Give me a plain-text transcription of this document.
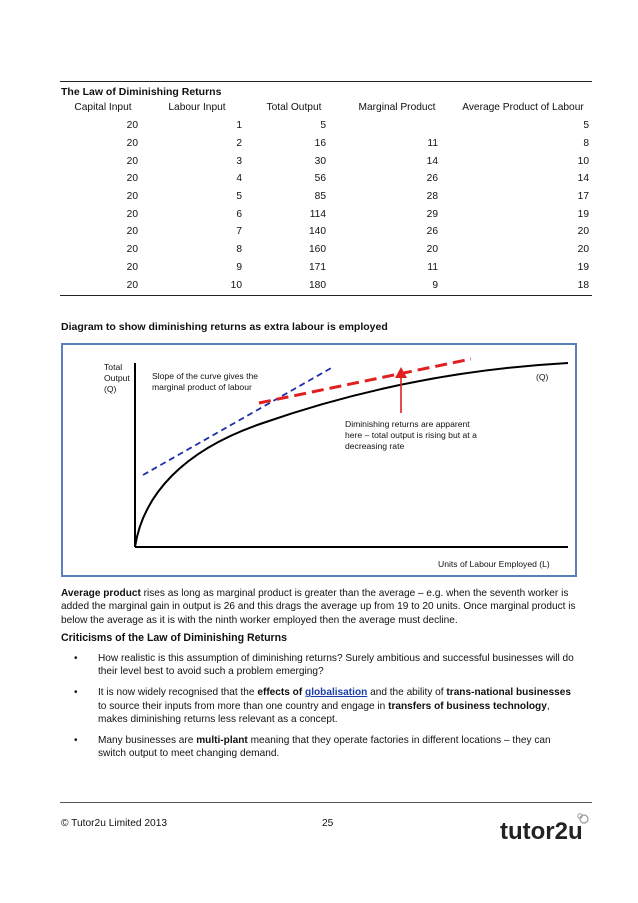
The Law of Diminishing Returns
Capital Input	Labour Input	Total Output	Marginal Product	Average Product of Labour
20	1	5		5
20	2	16	11	8
20	3	30	14	10
20	4	56	26	14
20	5	85	28	17
20	6	114	29	19
20	7	140	26	20
20	8	160	20	20
20	9	171	11	19
20	10	180	9	18
Diagram to show diminishing returns as extra labour is employed
Total
Output
(Q)
Slope of the curve gives the
marginal product of labour
(Q)
Diminishing returns are apparent
here – total output is rising but at a
decreasing rate
Units of Labour Employed (L)
Average product rises as long as marginal product is greater than the average – e.g. when the seventh worker is added the marginal gain in output is 26 and this drags the average up from 19 to 20 units. Once marginal product is below the average as it is with the ninth worker employed then the average must decline.
Criticisms of the Law of Diminishing Returns
• How realistic is this assumption of diminishing returns? Surely ambitious and successful businesses will do their level best to avoid such a problem emerging?
• It is now widely recognised that the effects of globalisation and the ability of trans-national businesses to source their inputs from more than one country and engage in transfers of business technology, makes diminishing returns less relevant as a concept.
• Many businesses are multi-plant meaning that they operate factories in different locations – they can switch output to meet changing demand.
© Tutor2u Limited 2013	25	tutor2u
